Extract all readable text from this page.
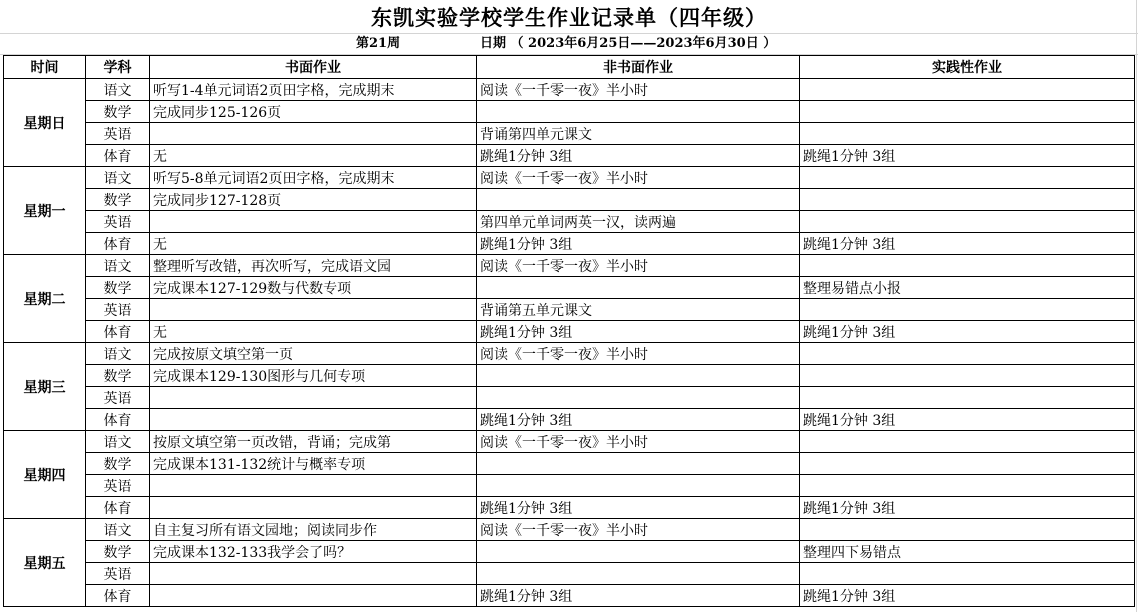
东凯实验学校学生作业记录单（四年级）
第21周	日期 （ 2023年6月25日——2023年6月30日 ）
时间	学科	书面作业	非书面作业	实践性作业
星期日	语文	听写1-4单元词语2页田字格，完成期末	阅读《一千零一夜》半小时	
	数学	完成同步125-126页		
	英语		背诵第四单元课文	
	体育	无	跳绳1分钟 3组	跳绳1分钟 3组
星期一	语文	听写5-8单元词语2页田字格，完成期末	阅读《一千零一夜》半小时	
	数学	完成同步127-128页		
	英语		第四单元单词两英一汉，读两遍	
	体育	无	跳绳1分钟 3组	跳绳1分钟 3组
星期二	语文	整理听写改错，再次听写，完成语文园	阅读《一千零一夜》半小时	
	数学	完成课本127-129数与代数专项		整理易错点小报
	英语		背诵第五单元课文	
	体育	无	跳绳1分钟 3组	跳绳1分钟 3组
星期三	语文	完成按原文填空第一页	阅读《一千零一夜》半小时	
	数学	完成课本129-130图形与几何专项		
	英语			
	体育		跳绳1分钟 3组	跳绳1分钟 3组
星期四	语文	按原文填空第一页改错，背诵；完成第	阅读《一千零一夜》半小时	
	数学	完成课本131-132统计与概率专项		
	英语			
	体育		跳绳1分钟 3组	跳绳1分钟 3组
星期五	语文	自主复习所有语文园地；阅读同步作	阅读《一千零一夜》半小时	
	数学	完成课本132-133我学会了吗？		整理四下易错点
	英语			
	体育		跳绳1分钟 3组	跳绳1分钟 3组
